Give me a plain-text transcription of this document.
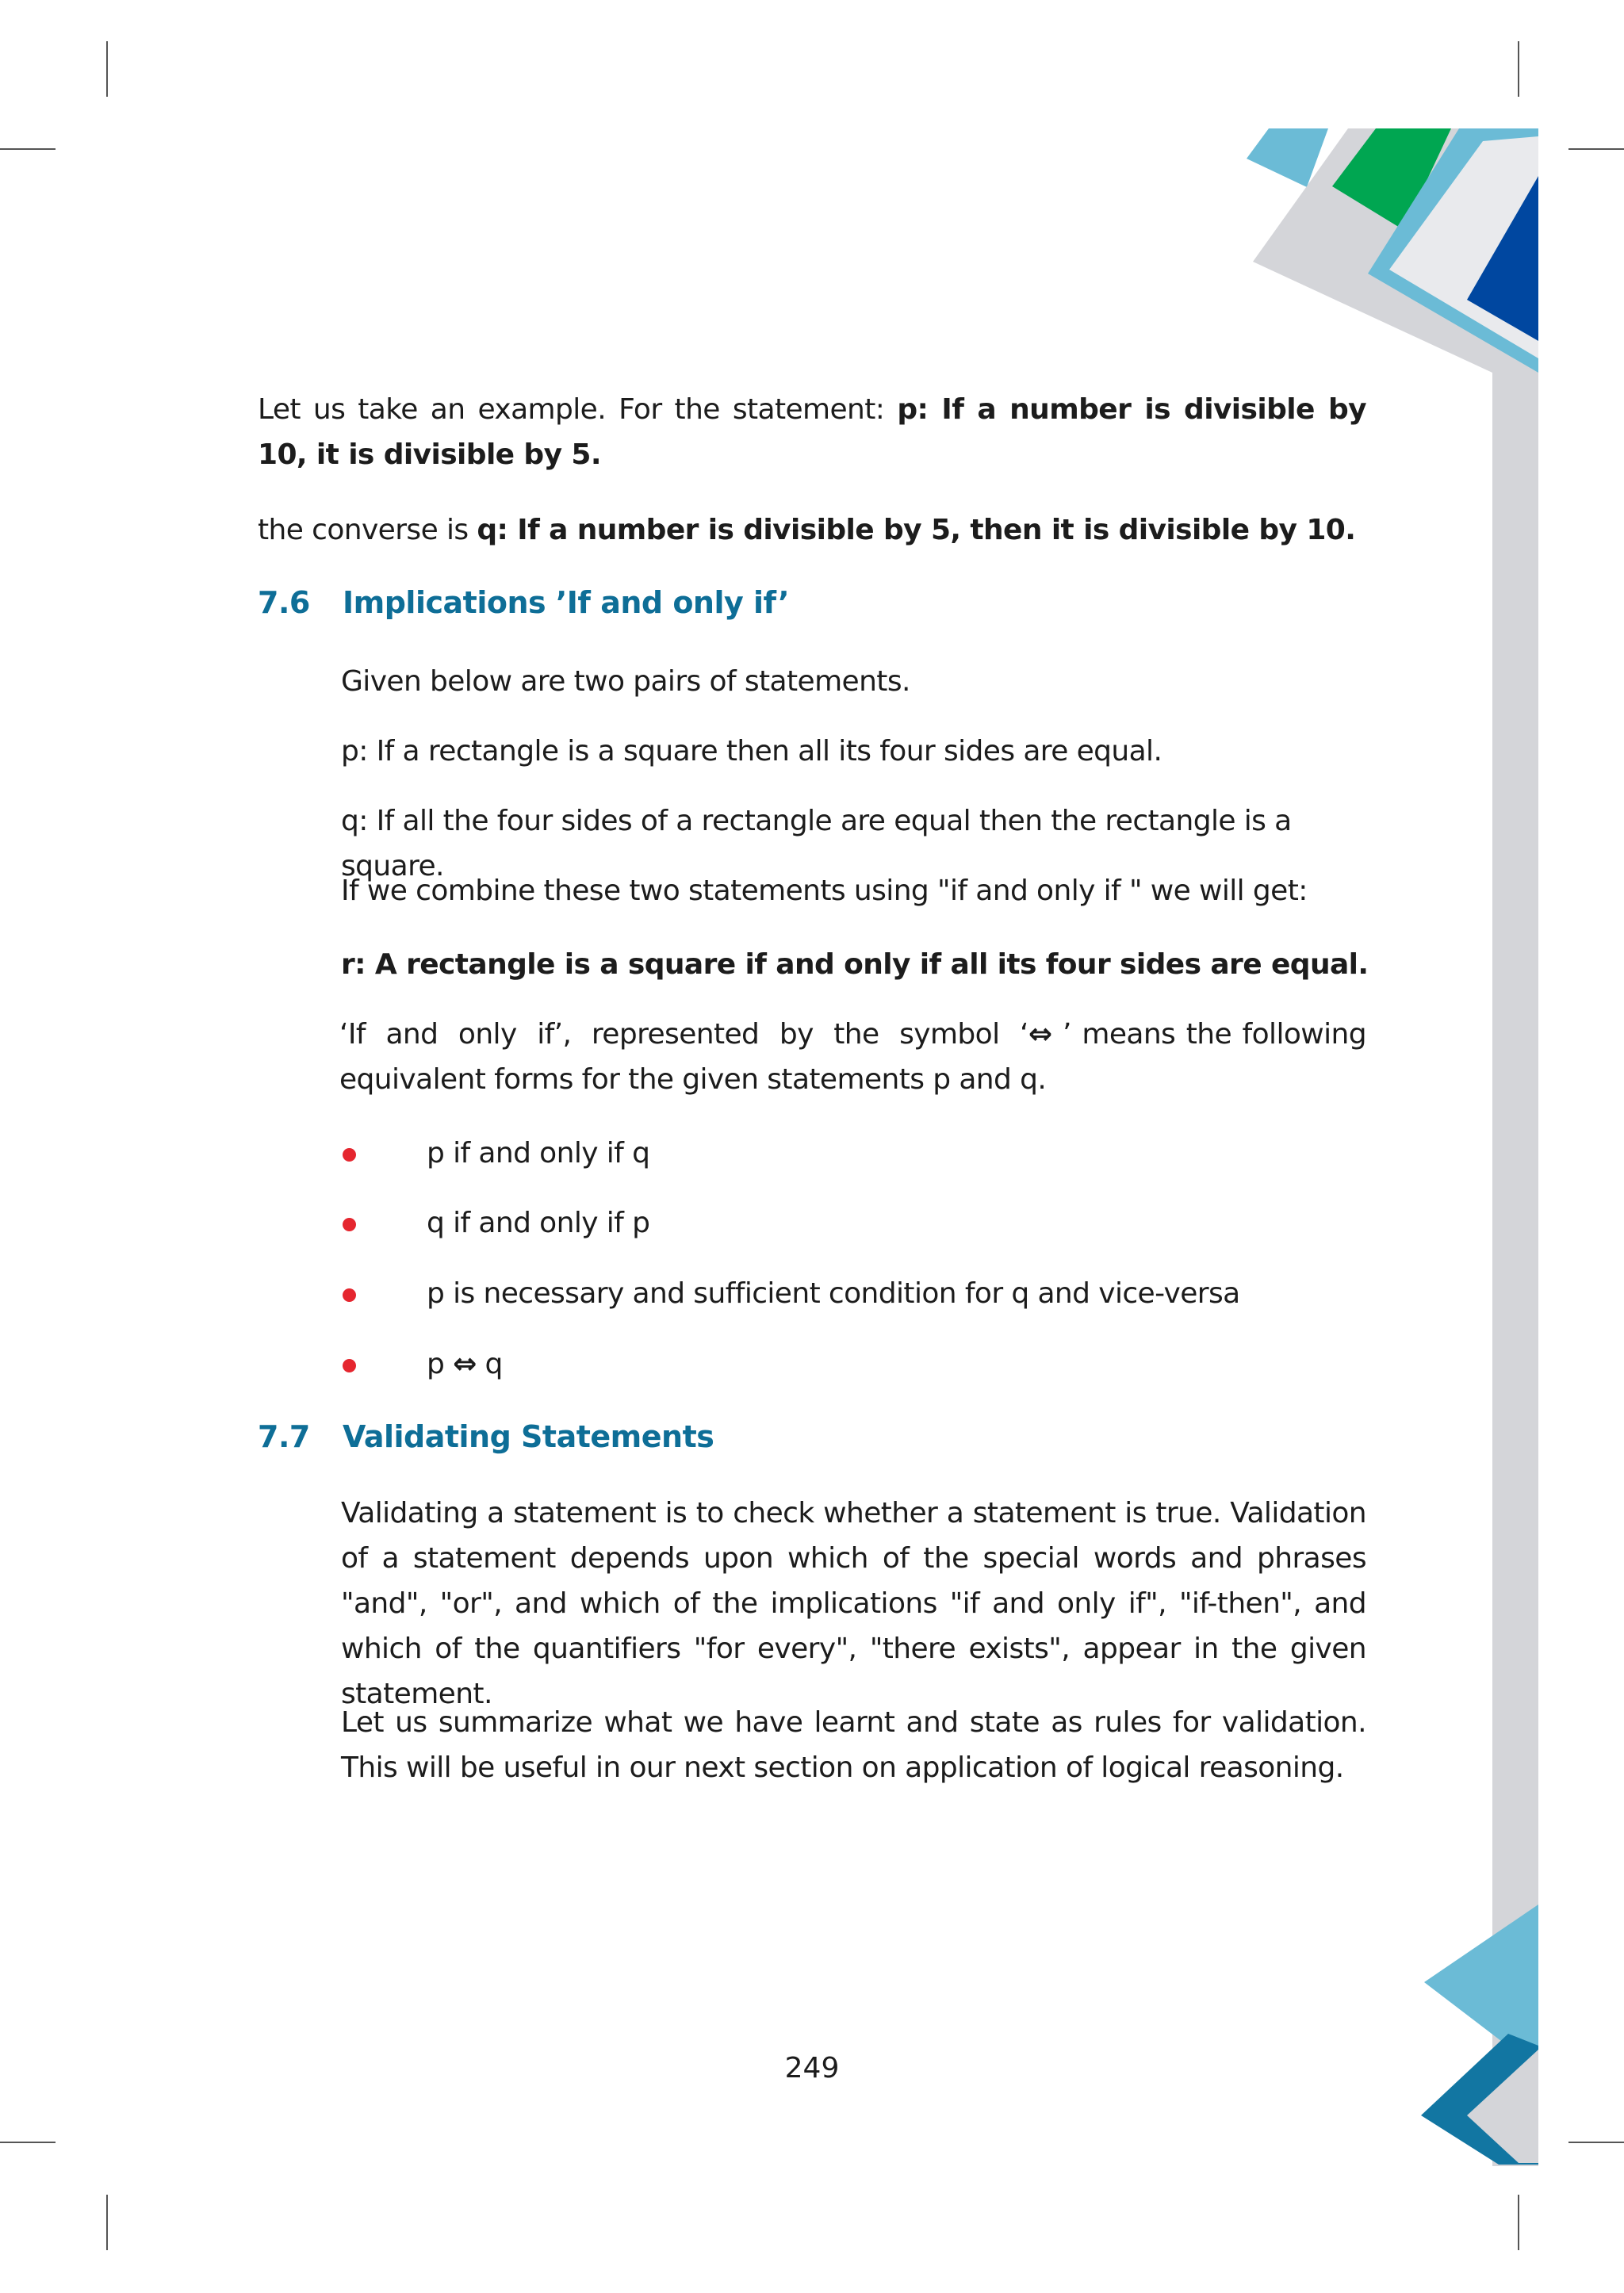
Let us take an example. For the statement: p: If a number is divisible by 10, it is divisible by 5.

the converse is q: If a number is divisible by 5, then it is divisible by 10.

7.6 Implications ’If and only if’

Given below are two pairs of statements.

p: If a rectangle is a square then all its four sides are equal.

q: If all the four sides of a rectangle are equal then the rectangle is a square.

If we combine these two statements using "if and only if " we will get:

r: A rectangle is a square if and only if all its four sides are equal.

‘If and only if’, represented by the symbol ‘⇔ ’ means the following equivalent forms for the given statements p and q.

p if and only if q

q if and only if p

p is necessary and sufficient condition for q and vice-versa

p ⇔ q

7.7 Validating Statements

Validating a statement is to check whether a statement is true. Validation of a statement depends upon which of the special words and phrases "and", "or", and which of the implications "if and only if", "if-then", and which of the quantifiers "for every", "there exists", appear in the given statement.

Let us summarize what we have learnt and state as rules for validation. This will be useful in our next section on application of logical reasoning.

249
